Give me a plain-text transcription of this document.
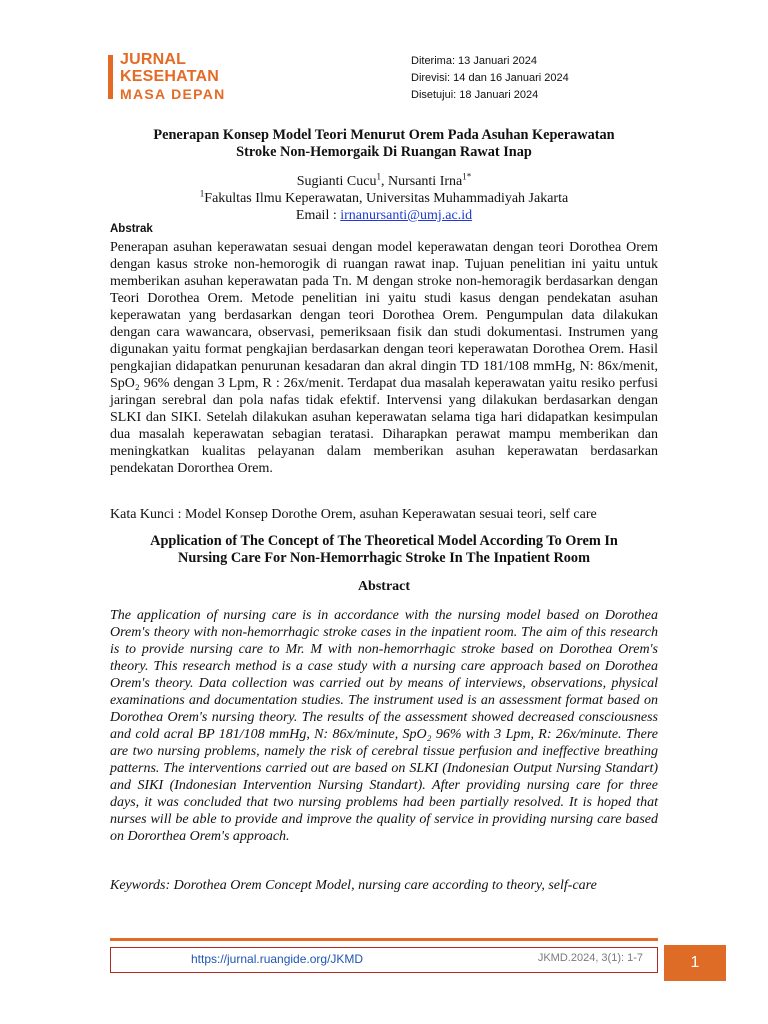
JURNAL
KESEHATAN
MASA DEPAN
Diterima: 13 Januari 2024
Direvisi: 14 dan 16 Januari 2024
Disetujui: 18 Januari 2024
Penerapan Konsep Model Teori Menurut Orem Pada Asuhan Keperawatan
Stroke Non-Hemorgaik Di Ruangan Rawat Inap
Sugianti Cucu$^1$, Nursanti Irna$^{1*}$
$^1$Fakultas Ilmu Keperawatan, Universitas Muhammadiyah Jakarta
Email : irnanursanti@umj.ac.id
Abstrak
Penerapan asuhan keperawatan sesuai dengan model keperawatan dengan teori Dorothea Orem dengan kasus stroke non-hemorogik di ruangan rawat inap. Tujuan penelitian ini yaitu untuk memberikan asuhan keperawatan pada Tn. M dengan stroke non-hemoragik berdasarkan dengan Teori Dorothea Orem. Metode penelitian ini yaitu studi kasus dengan pendekatan asuhan keperawatan yang berdasarkan dengan teori Dorothea Orem. Pengumpulan data dilakukan dengan cara wawancara, observasi, pemeriksaan fisik dan studi dokumentasi. Instrumen yang digunakan yaitu format pengkajian berdasarkan dengan teori keperawatan Dorothea Orem. Hasil pengkajian didapatkan penurunan kesadaran dan akral dingin TD 181/108 mmHg, N: 86x/menit, SpO₂ 96% dengan 3 Lpm, R : 26x/menit. Terdapat dua masalah keperawatan yaitu resiko perfusi jaringan serebral dan pola nafas tidak efektif. Intervensi yang dilakukan berdasarkan dengan SLKI dan SIKI. Setelah dilakukan asuhan keperawatan selama tiga hari didapatkan kesimpulan dua masalah keperawatan sebagian teratasi. Diharapkan perawat mampu memberikan dan meningkatkan kualitas pelayanan dalam memberikan asuhan keperawatan berdasarkan pendekatan Dororthea Orem.
Kata Kunci : Model Konsep Dorothe Orem, asuhan Keperawatan sesuai teori, self care
Application of The Concept of The Theoretical Model According To Orem In
Nursing Care For Non-Hemorrhagic Stroke In The Inpatient Room
Abstract
The application of nursing care is in accordance with the nursing model based on Dorothea Orem's theory with non-hemorrhagic stroke cases in the inpatient room. The aim of this research is to provide nursing care to Mr. M with non-hemorrhagic stroke based on Dorothea Orem's theory. This research method is a case study with a nursing care approach based on Dorothea Orem's theory. Data collection was carried out by means of interviews, observations, physical examinations and documentation studies. The instrument used is an assessment format based on Dorothea Orem's nursing theory. The results of the assessment showed decreased consciousness and cold acral BP 181/108 mmHg, N: 86x/minute, SpO₂ 96% with 3 Lpm, R: 26x/minute. There are two nursing problems, namely the risk of cerebral tissue perfusion and ineffective breathing patterns. The interventions carried out are based on SLKI (Indonesian Output Nursing Standart) and SIKI (Indonesian Intervention Nursing Standart). After providing nursing care for three days, it was concluded that two nursing problems had been partially resolved. It is hoped that nurses will be able to provide and improve the quality of service in providing nursing care based on Dororthea Orem's approach.
Keywords: Dorothea Orem Concept Model, nursing care according to theory, self-care
https://jurnal.ruangide.org/JKMD	JKMD.2024, 3(1): 1-7	1
